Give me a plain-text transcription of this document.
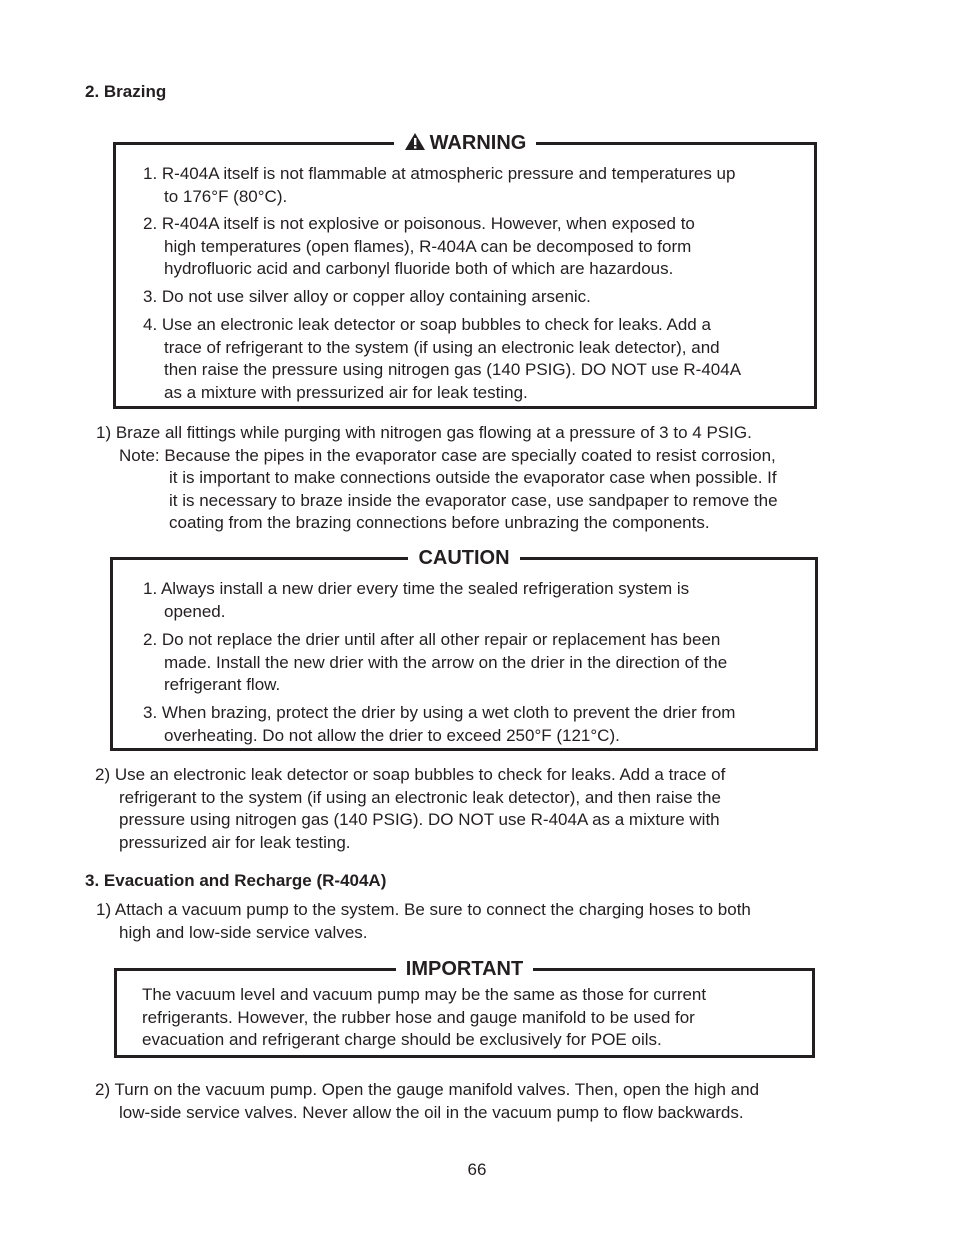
2. Brazing
WARNING
1. R-404A itself is not flammable at atmospheric pressure and temperatures up
to 176°F (80°C).
2. R-404A itself is not explosive or poisonous. However, when exposed to
high temperatures (open flames), R-404A can be decomposed to form
hydrofluoric acid and carbonyl fluoride both of which are hazardous.
3. Do not use silver alloy or copper alloy containing arsenic.
4. Use an electronic leak detector or soap bubbles to check for leaks. Add a
trace of refrigerant to the system (if using an electronic leak detector), and
then raise the pressure using nitrogen gas (140 PSIG). DO NOT use R-404A
as a mixture with pressurized air for leak testing.
1) Braze all fittings while purging with nitrogen gas flowing at a pressure of 3 to 4 PSIG.
Note: Because the pipes in the evaporator case are specially coated to resist corrosion,
it is important to make connections outside the evaporator case when possible. If
it is necessary to braze inside the evaporator case, use sandpaper to remove the
coating from the brazing connections before unbrazing the components.
CAUTION
1. Always install a new drier every time the sealed refrigeration system is
opened.
2. Do not replace the drier until after all other repair or replacement has been
made. Install the new drier with the arrow on the drier in the direction of the
refrigerant flow.
3. When brazing, protect the drier by using a wet cloth to prevent the drier from
overheating. Do not allow the drier to exceed 250°F (121°C).
2) Use an electronic leak detector or soap bubbles to check for leaks. Add a trace of
refrigerant to the system (if using an electronic leak detector), and then raise the
pressure using nitrogen gas (140 PSIG). DO NOT use R-404A as a mixture with
pressurized air for leak testing.
3. Evacuation and Recharge (R-404A)
1) Attach a vacuum pump to the system. Be sure to connect the charging hoses to both
high and low-side service valves.
IMPORTANT
The vacuum level and vacuum pump may be the same as those for current
refrigerants. However, the rubber hose and gauge manifold to be used for
evacuation and refrigerant charge should be exclusively for POE oils.
2) Turn on the vacuum pump. Open the gauge manifold valves. Then, open the high and
low-side service valves. Never allow the oil in the vacuum pump to flow backwards.
66
